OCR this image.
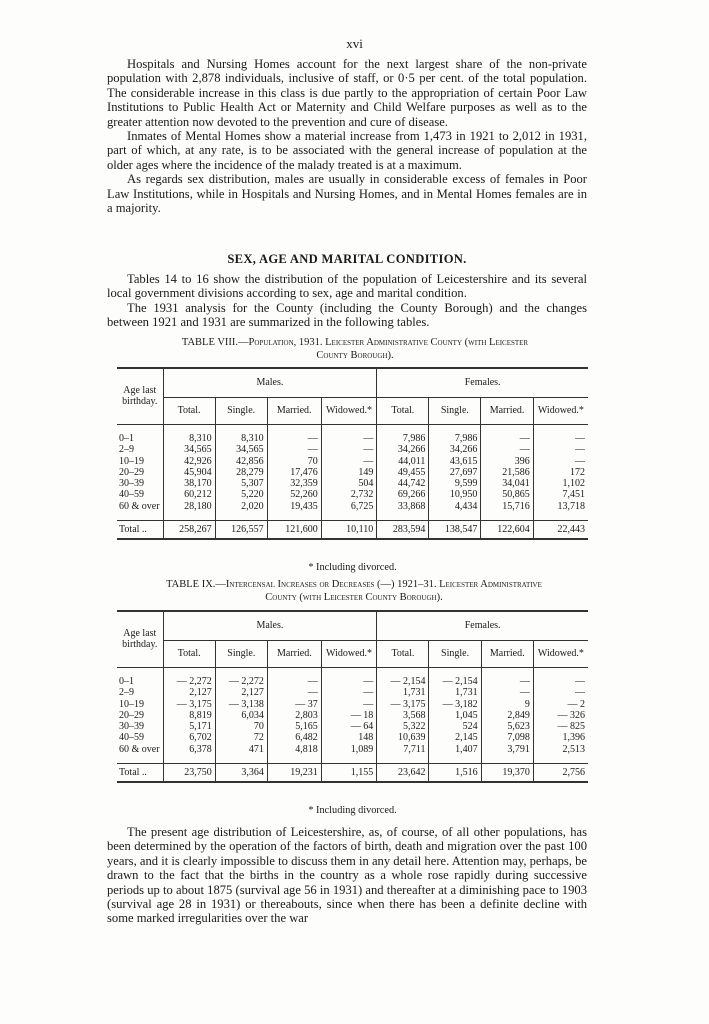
xvi

Hospitals and Nursing Homes account for the next largest share of the non-private population with 2,878 individuals, inclusive of staff, or 0·5 per cent. of the total population. The considerable increase in this class is due partly to the appropriation of certain Poor Law Institutions to Public Health Act or Maternity and Child Welfare purposes as well as to the greater attention now devoted to the prevention and cure of disease.

Inmates of Mental Homes show a material increase from 1,473 in 1921 to 2,012 in 1931, part of which, at any rate, is to be associated with the general increase of population at the older ages where the incidence of the malady treated is at a maximum.

As regards sex distribution, males are usually in considerable excess of females in Poor Law Institutions, while in Hospitals and Nursing Homes, and in Mental Homes females are in a majority.

SEX, AGE AND MARITAL CONDITION.

Tables 14 to 16 show the distribution of the population of Leicestershire and its several local government divisions according to sex, age and marital condition.

The 1931 analysis for the County (including the County Borough) and the changes between 1921 and 1931 are summarized in the following tables.

TABLE VIII.—Population, 1931. Leicester Administrative County (with Leicester
County Borough).
Age last birthday.	Males.				Females.			
	Total.	Single.	Married.	Widowed.*	Total.	Single.	Married.	Widowed.*

0–1	8,310	8,310	—	—	7,986	7,986	—	—
2–9	34,565	34,565	—	—	34,266	34,266	—	—
10–19	42,926	42,856	70	—	44,011	43,615	396	—
20–29	45,904	28,279	17,476	149	49,455	27,697	21,586	172
30–39	38,170	5,307	32,359	504	44,742	9,599	34,041	1,102
40–59	60,212	5,220	52,260	2,732	69,266	10,950	50,865	7,451
60 & over	28,180	2,020	19,435	6,725	33,868	4,434	15,716	13,718

Total ..	258,267	126,557	121,600	10,110	283,594	138,547	122,604	22,443
* Including divorced.
TABLE IX.—Intercensal Increases or Decreases (—) 1921–31. Leicester Administrative
County (with Leicester County Borough).
Age last birthday.	Males.				Females.			
	Total.	Single.	Married.	Widowed.*	Total.	Single.	Married.	Widowed.*

0–1	— 2,272	— 2,272	—	—	— 2,154	— 2,154	—	—
2–9	2,127	2,127	—	—	1,731	1,731	—	—
10–19	— 3,175	— 3,138	— 37	—	— 3,175	— 3,182	9	— 2
20–29	8,819	6,034	2,803	— 18	3,568	1,045	2,849	— 326
30–39	5,171	70	5,165	— 64	5,322	524	5,623	— 825
40–59	6,702	72	6,482	148	10,639	2,145	7,098	1,396
60 & over	6,378	471	4,818	1,089	7,711	1,407	3,791	2,513

Total ..	23,750	3,364	19,231	1,155	23,642	1,516	19,370	2,756
* Including divorced.

The present age distribution of Leicestershire, as, of course, of all other populations, has been determined by the operation of the factors of birth, death and migration over the past 100 years, and it is clearly impossible to discuss them in any detail here. Attention may, perhaps, be drawn to the fact that the births in the country as a whole rose rapidly during successive periods up to about 1875 (survival age 56 in 1931) and thereafter at a diminishing pace to 1903 (survival age 28 in 1931) or thereabouts, since when there has been a definite decline with some marked irregularities over the war
